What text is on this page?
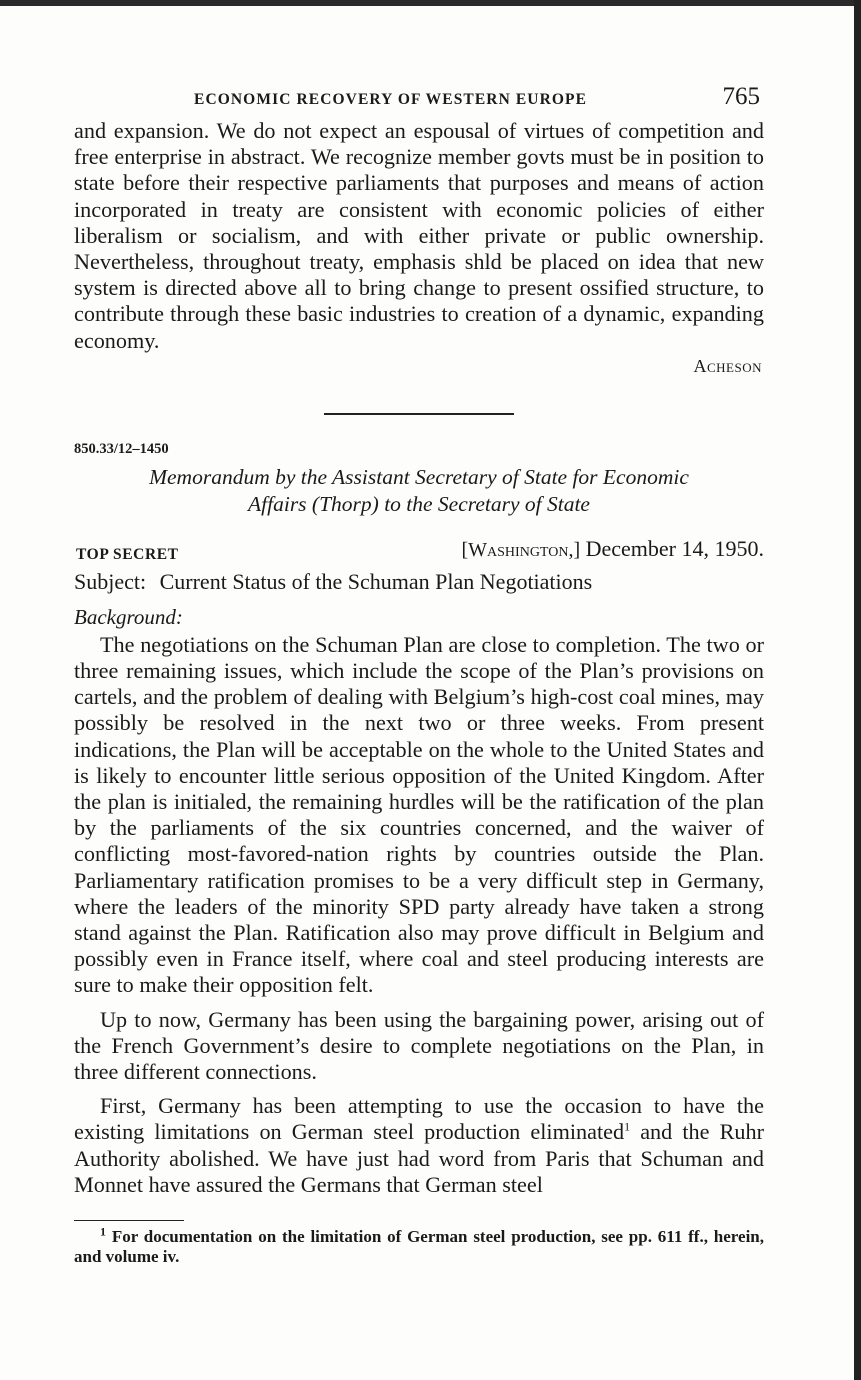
ECONOMIC RECOVERY OF WESTERN EUROPE	765

and expansion. We do not expect an espousal of virtues of competition and free enterprise in abstract. We recognize member govts must be in position to state before their respective parliaments that purposes and means of action incorporated in treaty are consistent with economic policies of either liberalism or socialism, and with either private or public ownership. Nevertheless, throughout treaty, emphasis shld be placed on idea that new system is directed above all to bring change to present ossified structure, to contribute through these basic industries to creation of a dynamic, expanding economy.

Acheson
850.33/12–1450
Memorandum by the Assistant Secretary of State for Economic
Affairs (Thorp) to the Secretary of State
TOP SECRET	[Washington,] December 14, 1950.
Subject: Current Status of the Schuman Plan Negotiations
Background:

The negotiations on the Schuman Plan are close to completion. The two or three remaining issues, which include the scope of the Plan’s provisions on cartels, and the problem of dealing with Belgium’s high-cost coal mines, may possibly be resolved in the next two or three weeks. From present indications, the Plan will be acceptable on the whole to the United States and is likely to encounter little serious opposition of the United Kingdom. After the plan is initialed, the remaining hurdles will be the ratification of the plan by the parliaments of the six countries concerned, and the waiver of conflicting most-favored-nation rights by countries outside the Plan. Parliamentary ratification promises to be a very difficult step in Germany, where the leaders of the minority SPD party already have taken a strong stand against the Plan. Ratification also may prove difficult in Belgium and possibly even in France itself, where coal and steel producing interests are sure to make their opposition felt.

Up to now, Germany has been using the bargaining power, arising out of the French Government’s desire to complete negotiations on the Plan, in three different connections.

First, Germany has been attempting to use the occasion to have the existing limitations on German steel production eliminated$^1$ and the Ruhr Authority abolished. We have just had word from Paris that Schuman and Monnet have assured the Germans that German steel

$^1$ For documentation on the limitation of German steel production, see pp. 611 ff., herein, and volume iv.
